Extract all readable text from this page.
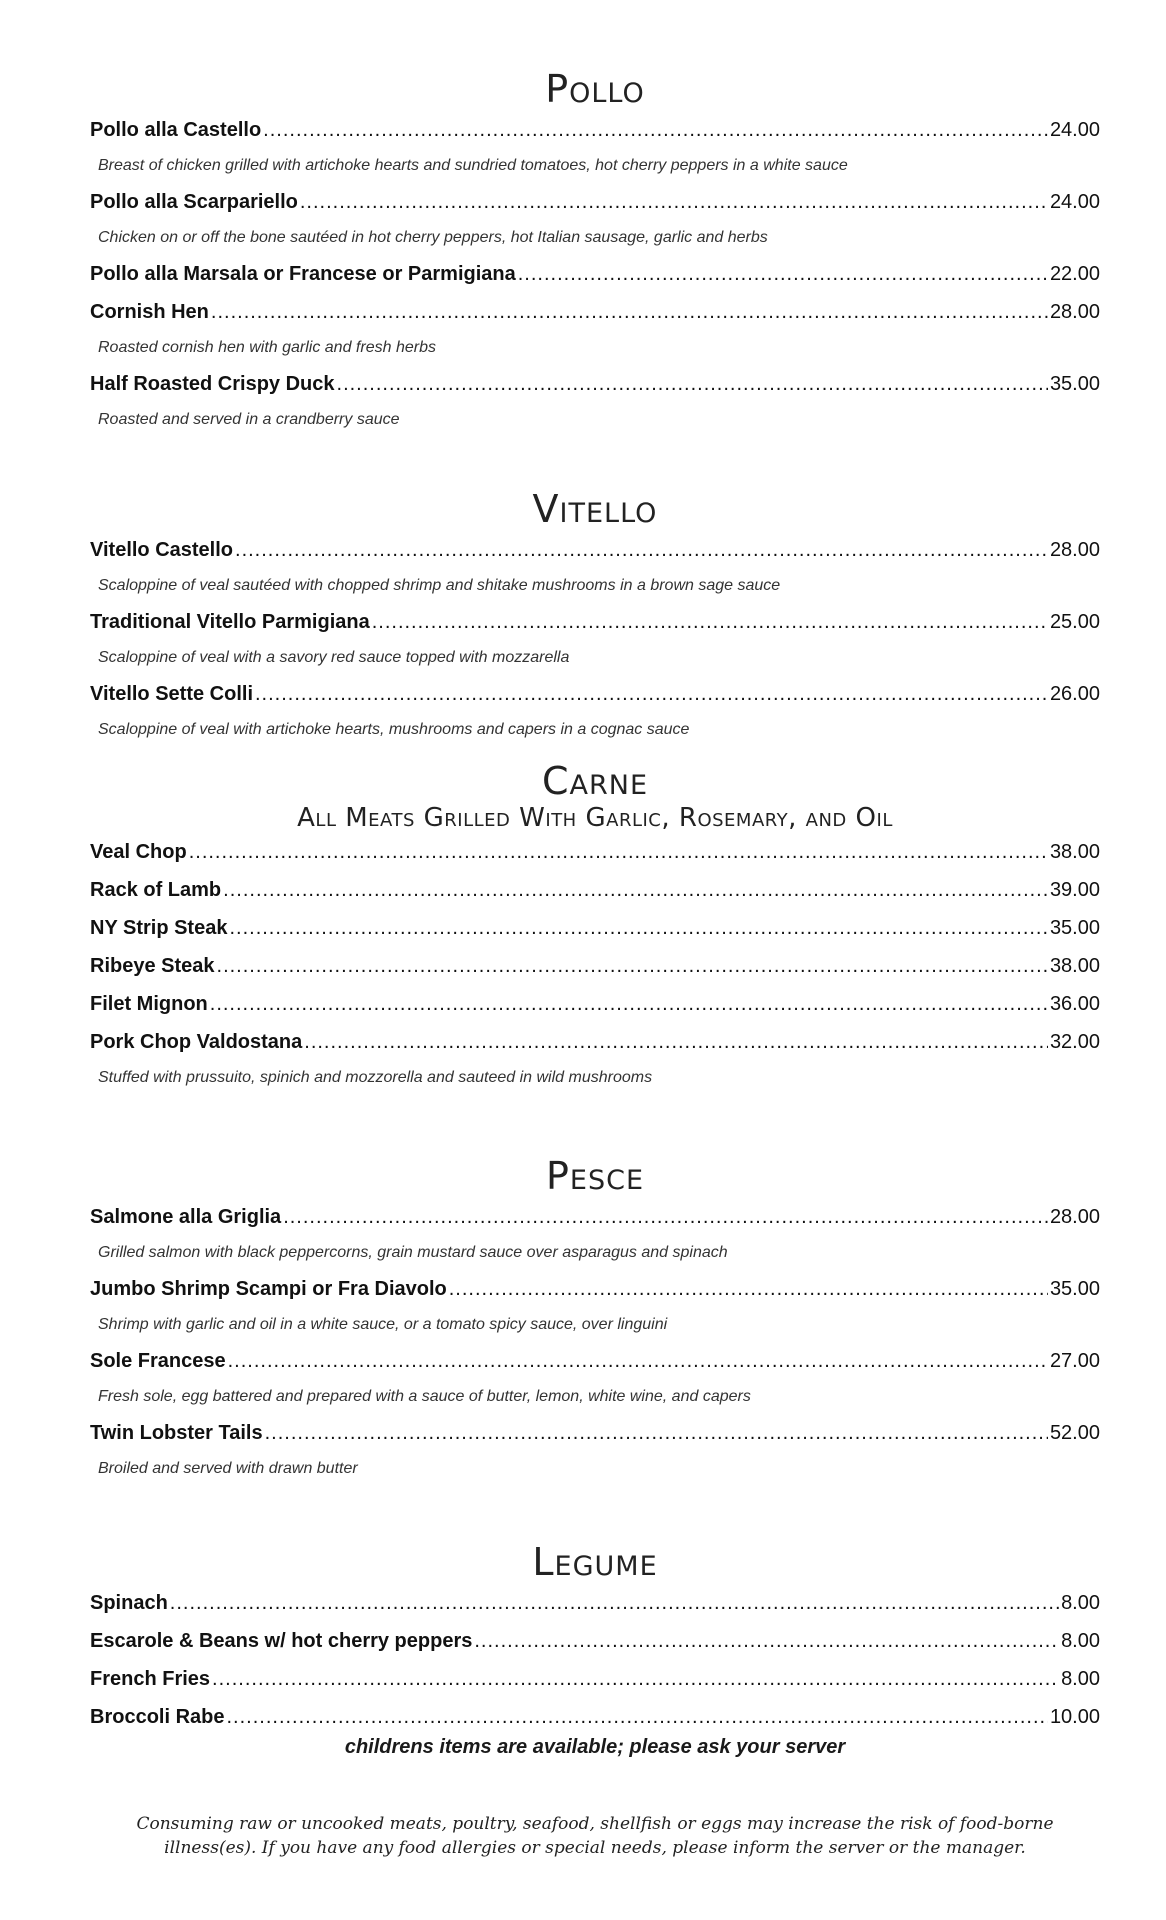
Pollo
Pollo alla Castello .....	24.00
Breast of chicken grilled with artichoke hearts and sundried tomatoes, hot cherry peppers in a white sauce
Pollo alla Scarpariello .....	24.00
Chicken on or off the bone sautéed in hot cherry peppers, hot Italian sausage, garlic and herbs
Pollo alla Marsala or Francese or Parmigiana .....	22.00
Cornish Hen .....	28.00
Roasted cornish hen with garlic and fresh herbs
Half Roasted Crispy Duck .....	35.00
Roasted and served in a crandberry sauce
Vitello
Vitello Castello .....	28.00
Scaloppine of veal sautéed with chopped shrimp and shitake mushrooms in a brown sage sauce
Traditional Vitello Parmigiana .....	25.00
Scaloppine of veal with a savory red sauce topped with mozzarella
Vitello Sette Colli .....	26.00
Scaloppine of veal with artichoke hearts, mushrooms and capers in a cognac sauce
Carne
All Meats Grilled With Garlic, Rosemary, and Oil
Veal Chop .....	38.00
Rack of Lamb .....	39.00
NY Strip Steak .....	35.00
Ribeye Steak .....	38.00
Filet Mignon .....	36.00
Pork Chop Valdostana .....	32.00
Stuffed with prussuito, spinich and mozzorella and sauteed in wild mushrooms
Pesce
Salmone alla Griglia .....	28.00
Grilled salmon with black peppercorns, grain mustard sauce over asparagus and spinach
Jumbo Shrimp Scampi or Fra Diavolo .....	35.00
Shrimp with garlic and oil in a white sauce, or a tomato spicy sauce, over linguini
Sole Francese .....	27.00
Fresh sole, egg battered and prepared with a sauce of butter, lemon, white wine, and capers
Twin Lobster Tails .....	52.00
Broiled and served with drawn butter
Legume
Spinach .....	8.00
Escarole & Beans w/ hot cherry peppers .....	8.00
French Fries .....	8.00
Broccoli Rabe .....	10.00
childrens items are available; please ask your server
Consuming raw or uncooked meats, poultry, seafood, shellfish or eggs may increase the risk of food-borne illness(es). If you have any food allergies or special needs, please inform the server or the manager.
